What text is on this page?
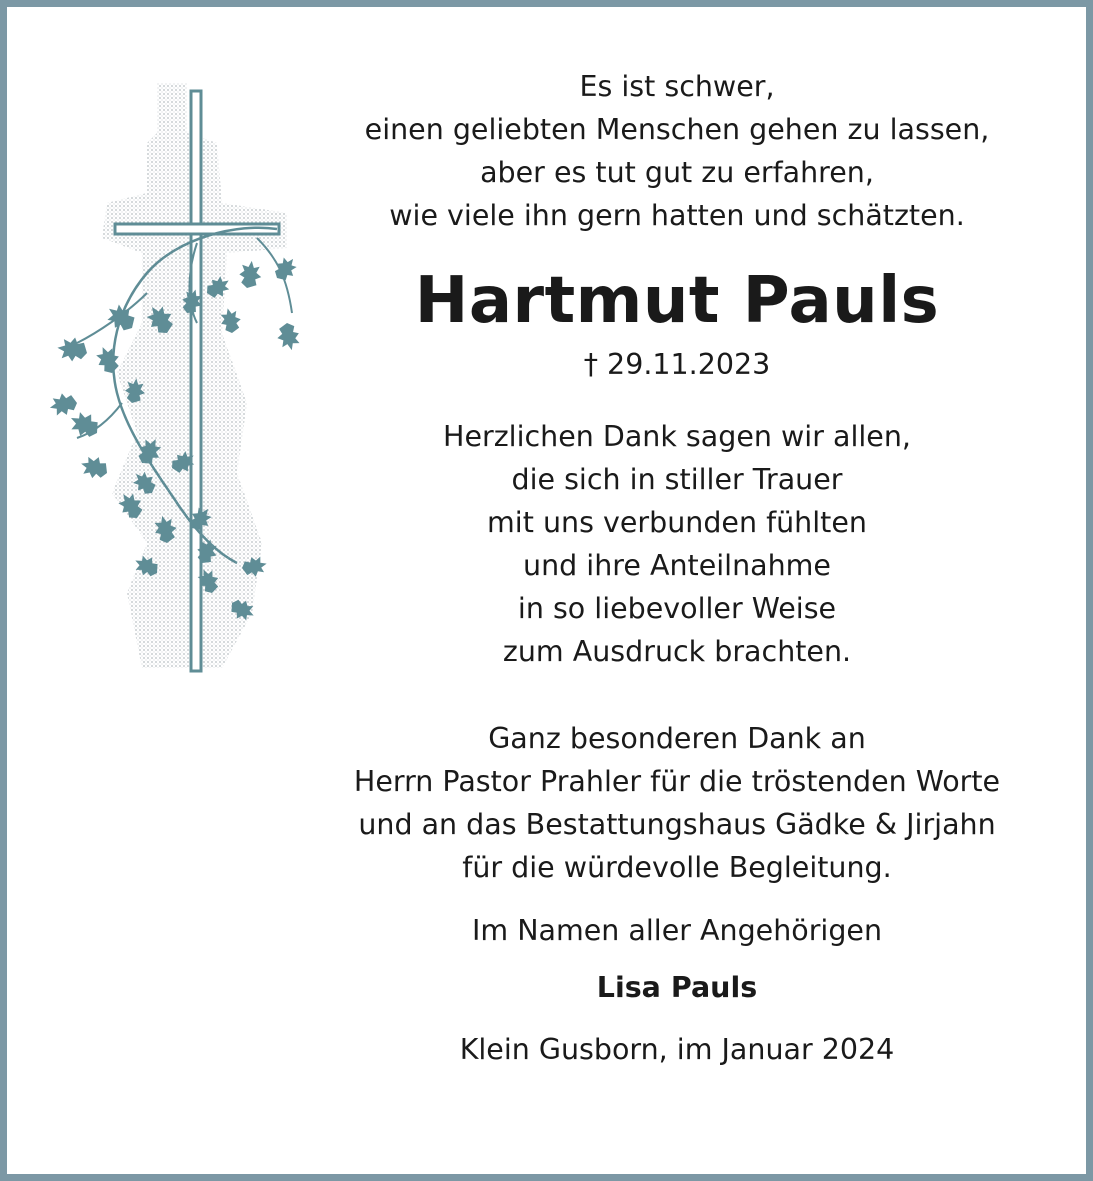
Es ist schwer,
einen geliebten Menschen gehen zu lassen,
aber es tut gut zu erfahren,
wie viele ihn gern hatten und schätzten.
Hartmut Pauls
† 29.11.2023
Herzlichen Dank sagen wir allen,
die sich in stiller Trauer
mit uns verbunden fühlten
und ihre Anteilnahme
in so liebevoller Weise
zum Ausdruck brachten.
Ganz besonderen Dank an
Herrn Pastor Prahler für die tröstenden Worte
und an das Bestattungshaus Gädke & Jirjahn
für die würdevolle Begleitung.
Im Namen aller Angehörigen
Lisa Pauls
Klein Gusborn, im Januar 2024
